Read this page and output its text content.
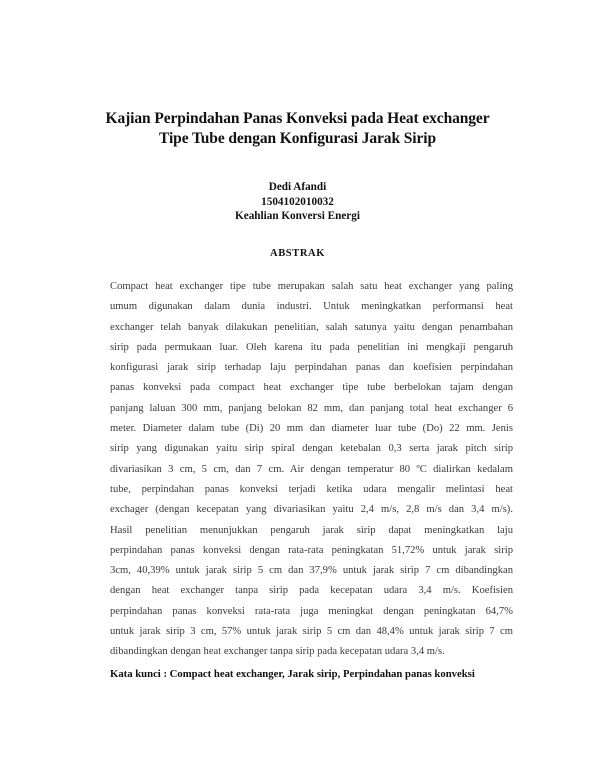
Kajian Perpindahan Panas Konveksi pada Heat exchanger
Tipe Tube dengan Konfigurasi Jarak Sirip
Dedi Afandi
1504102010032
Keahlian Konversi Energi
ABSTRAK
Compact heat exchanger tipe tube merupakan salah satu heat exchanger yang paling
umum digunakan dalam dunia industri. Untuk meningkatkan performansi heat
exchanger telah banyak dilakukan penelitian, salah satunya yaitu dengan penambahan
sirip pada permukaan luar. Oleh karena itu pada penelitian ini mengkaji pengaruh
konfigurasi jarak sirip terhadap laju perpindahan panas dan koefisien perpindahan
panas konveksi pada compact heat exchanger tipe tube berbelokan tajam dengan
panjang laluan 300 mm, panjang belokan 82 mm, dan panjang total heat exchanger 6
meter. Diameter dalam tube (Di) 20 mm dan diameter luar tube (Do) 22 mm. Jenis
sirip yang digunakan yaitu sirip spiral dengan ketebalan 0,3 serta jarak pitch sirip
divariasikan 3 cm, 5 cm, dan 7 cm. Air dengan temperatur 80 ºC dialirkan kedalam
tube, perpindahan panas konveksi terjadi ketika udara mengalir melintasi heat
exchager (dengan kecepatan yang divariasikan yaitu 2,4 m/s, 2,8 m/s dan 3,4 m/s).
Hasil penelitian menunjukkan pengaruh jarak sirip dapat meningkatkan laju
perpindahan panas konveksi dengan rata-rata peningkatan 51,72% untuk jarak sirip
3cm, 40,39% untuk jarak sirip 5 cm dan 37,9% untuk jarak sirip 7 cm dibandingkan
dengan heat exchanger tanpa sirip pada kecepatan udara 3,4 m/s. Koefisien
perpindahan panas konveksi rata-rata juga meningkat dengan peningkatan 64,7%
untuk jarak sirip 3 cm, 57% untuk jarak sirip 5 cm dan 48,4% untuk jarak sirip 7 cm
dibandingkan dengan heat exchanger tanpa sirip pada kecepatan udara 3,4 m/s.
Kata kunci : Compact heat exchanger, Jarak sirip, Perpindahan panas konveksi
